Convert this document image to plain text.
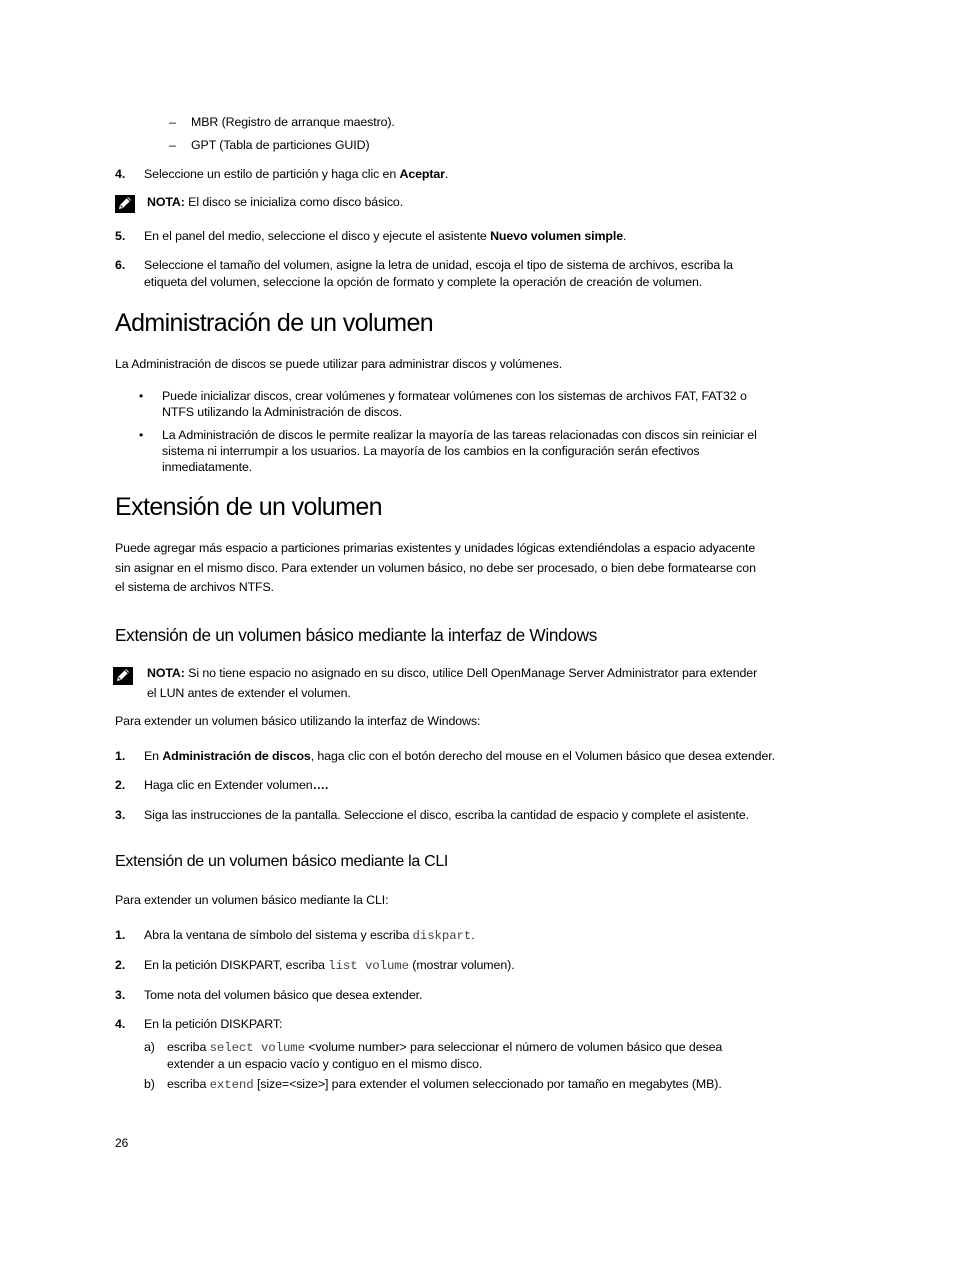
– MBR (Registro de arranque maestro).
– GPT (Tabla de particiones GUID)
4. Seleccione un estilo de partición y haga clic en Aceptar.
NOTA: El disco se inicializa como disco básico.
5. En el panel del medio, seleccione el disco y ejecute el asistente Nuevo volumen simple.
6. Seleccione el tamaño del volumen, asigne la letra de unidad, escoja el tipo de sistema de archivos, escriba la
etiqueta del volumen, seleccione la opción de formato y complete la operación de creación de volumen.
Administración de un volumen
La Administración de discos se puede utilizar para administrar discos y volúmenes.
• Puede inicializar discos, crear volúmenes y formatear volúmenes con los sistemas de archivos FAT, FAT32 o
NTFS utilizando la Administración de discos.
• La Administración de discos le permite realizar la mayoría de las tareas relacionadas con discos sin reiniciar el
sistema ni interrumpir a los usuarios. La mayoría de los cambios en la configuración serán efectivos
inmediatamente.
Extensión de un volumen
Puede agregar más espacio a particiones primarias existentes y unidades lógicas extendiéndolas a espacio adyacente
sin asignar en el mismo disco. Para extender un volumen básico, no debe ser procesado, o bien debe formatearse con
el sistema de archivos NTFS.
Extensión de un volumen básico mediante la interfaz de Windows
NOTA: Si no tiene espacio no asignado en su disco, utilice Dell OpenManage Server Administrator para extender
el LUN antes de extender el volumen.
Para extender un volumen básico utilizando la interfaz de Windows:
1. En Administración de discos, haga clic con el botón derecho del mouse en el Volumen básico que desea extender.
2. Haga clic en Extender volumen….
3. Siga las instrucciones de la pantalla. Seleccione el disco, escriba la cantidad de espacio y complete el asistente.
Extensión de un volumen básico mediante la CLI
Para extender un volumen básico mediante la CLI:
1. Abra la ventana de símbolo del sistema y escriba diskpart.
2. En la petición DISKPART, escriba list volume (mostrar volumen).
3. Tome nota del volumen básico que desea extender.
4. En la petición DISKPART:
a) escriba select volume <volume number> para seleccionar el número de volumen básico que desea
extender a un espacio vacío y contiguo en el mismo disco.
b) escriba extend [size=<size>] para extender el volumen seleccionado por tamaño en megabytes (MB).
26
